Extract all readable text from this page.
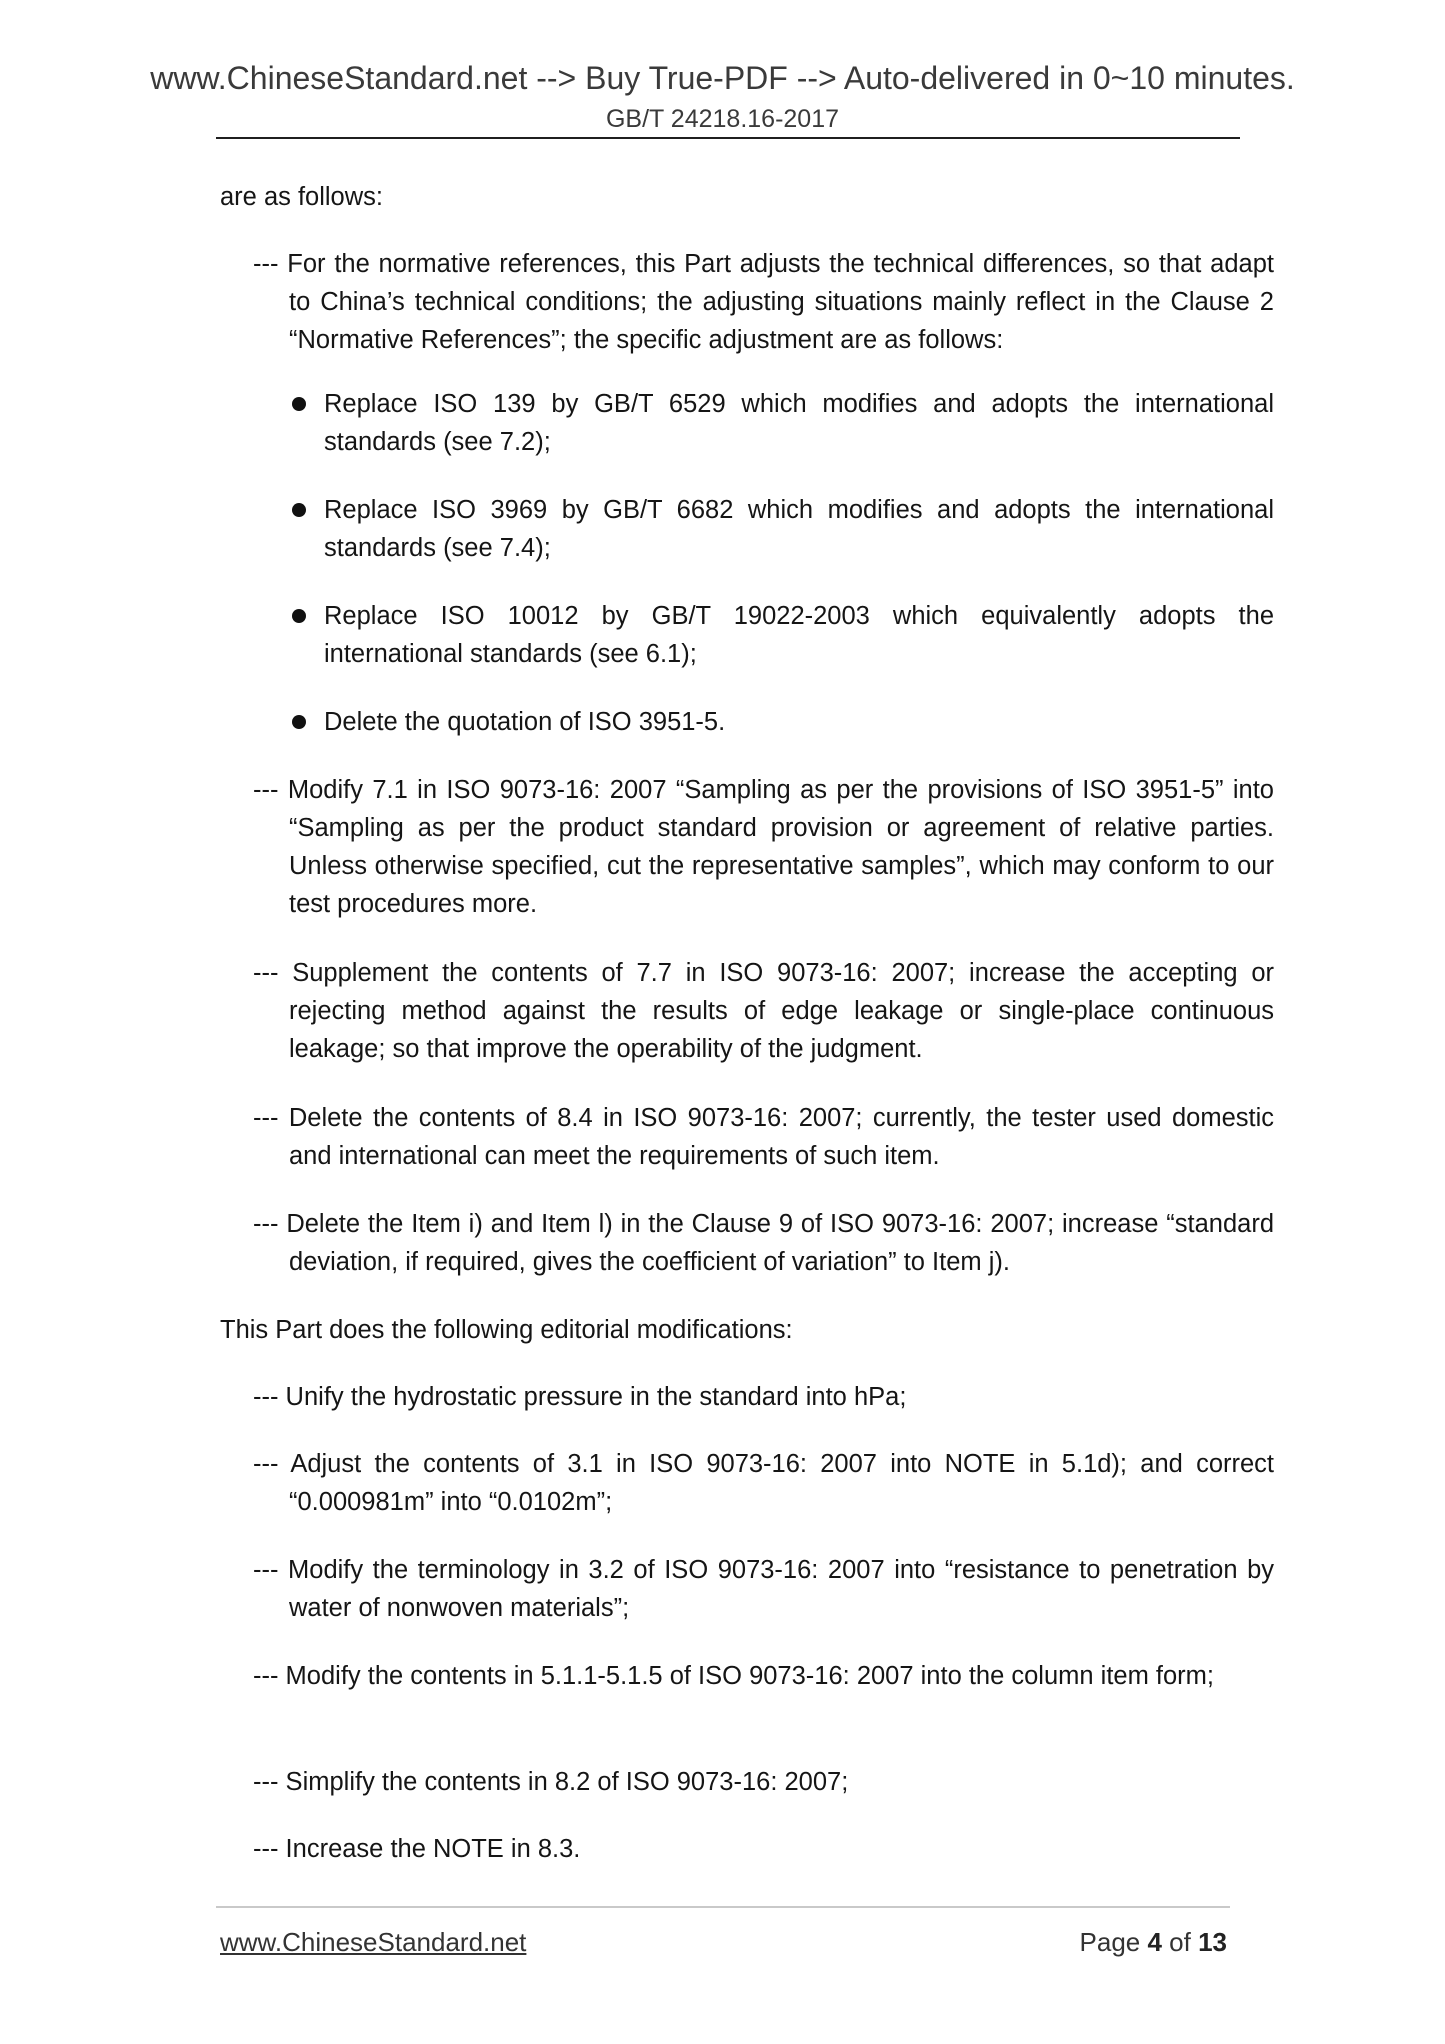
www.ChineseStandard.net --> Buy True-PDF --> Auto-delivered in 0~10 minutes.
GB/T 24218.16-2017

are as follows:

--- For the normative references, this Part adjusts the technical differences, so that adapt to China’s technical conditions; the adjusting situations mainly reflect in the Clause 2 “Normative References”; the specific adjustment are as follows:

Replace ISO 139 by GB/T 6529 which modifies and adopts the international standards (see 7.2);
Replace ISO 3969 by GB/T 6682 which modifies and adopts the international standards (see 7.4);
Replace ISO 10012 by GB/T 19022-2003 which equivalently adopts the international standards (see 6.1);
Delete the quotation of ISO 3951-5.

--- Modify 7.1 in ISO 9073-16: 2007 “Sampling as per the provisions of ISO 3951-5” into “Sampling as per the product standard provision or agreement of relative parties. Unless otherwise specified, cut the representative samples”, which may conform to our test procedures more.

--- Supplement the contents of 7.7 in ISO 9073-16: 2007; increase the accepting or rejecting method against the results of edge leakage or single-place continuous leakage; so that improve the operability of the judgment.

--- Delete the contents of 8.4 in ISO 9073-16: 2007; currently, the tester used domestic and international can meet the requirements of such item.

--- Delete the Item i) and Item l) in the Clause 9 of ISO 9073-16: 2007; increase “standard deviation, if required, gives the coefficient of variation” to Item j).

This Part does the following editorial modifications:

--- Unify the hydrostatic pressure in the standard into hPa;

--- Adjust the contents of 3.1 in ISO 9073-16: 2007 into NOTE in 5.1d); and correct “0.000981m” into “0.0102m”;

--- Modify the terminology in 3.2 of ISO 9073-16: 2007 into “resistance to penetration by water of nonwoven materials”;

--- Modify the contents in 5.1.1-5.1.5 of ISO 9073-16: 2007 into the column item form;

--- Simplify the contents in 8.2 of ISO 9073-16: 2007;

--- Increase the NOTE in 8.3.

www.ChineseStandard.net	Page 4 of 13
